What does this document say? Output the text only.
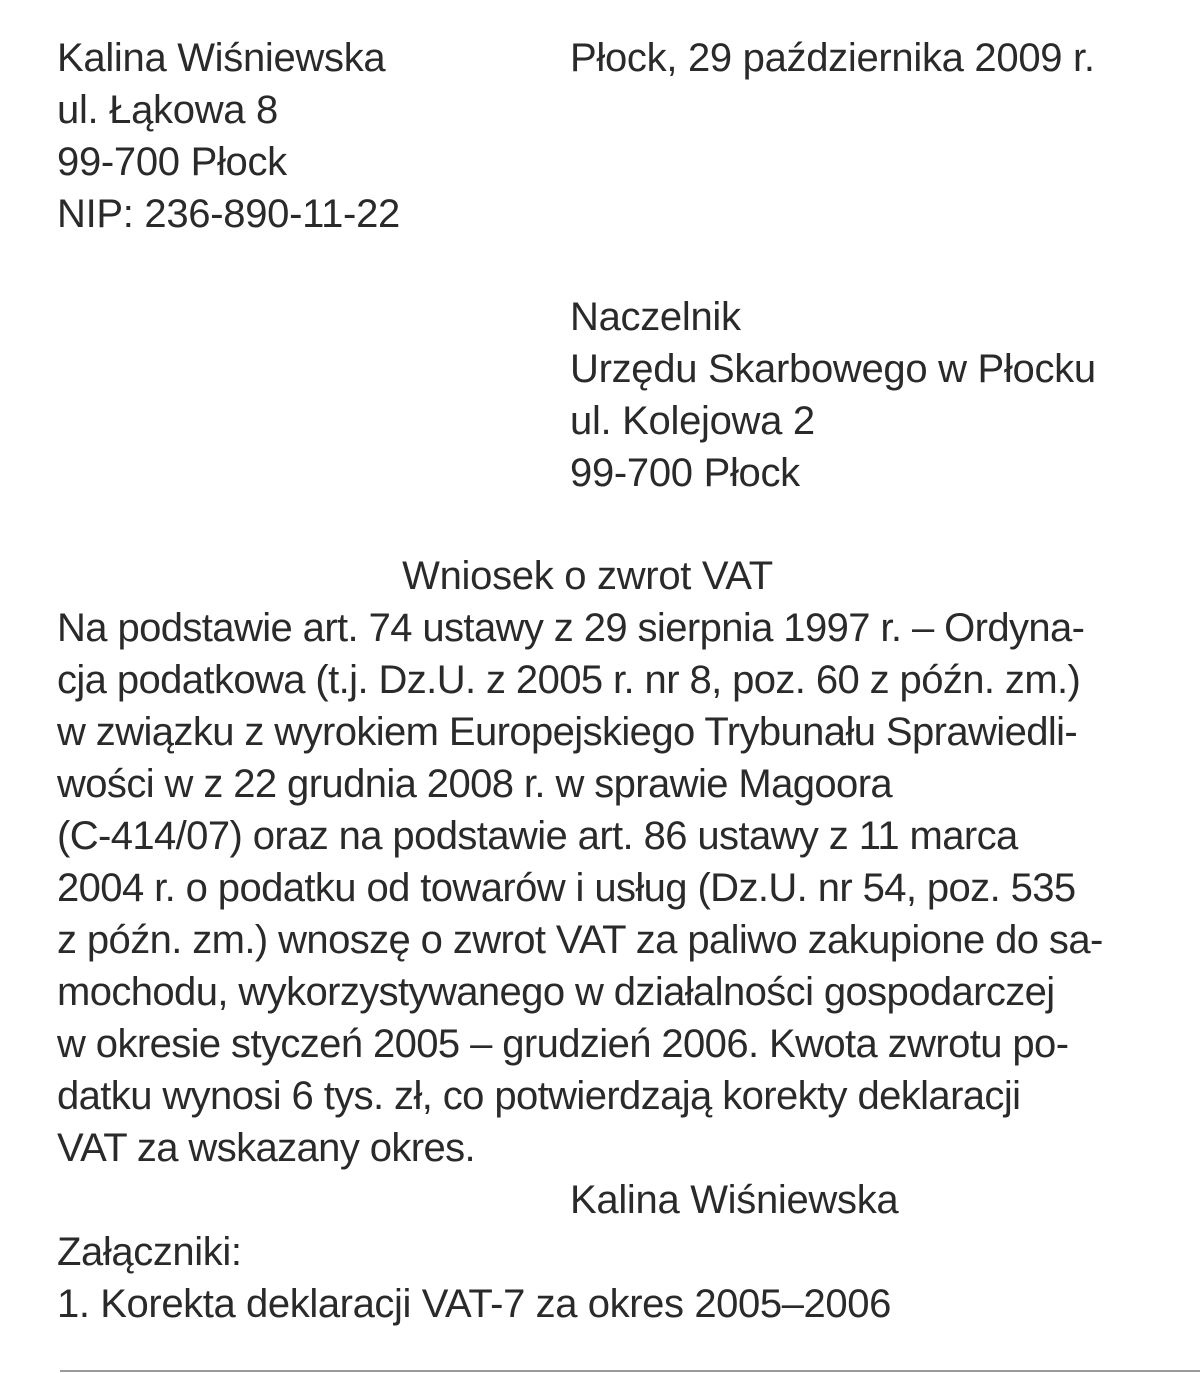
Kalina Wiśniewska
ul. Łąkowa 8
99-700 Płock
NIP: 236-890-11-22
Płock, 29 października 2009 r.
Naczelnik
Urzędu Skarbowego w Płocku
ul. Kolejowa 2
99-700 Płock
Wniosek o zwrot VAT
Na podstawie art. 74 ustawy z 29 sierpnia 1997 r. – Ordyna-
cja podatkowa (t.j. Dz.U. z 2005 r. nr 8, poz. 60 z późn. zm.)
w związku z wyrokiem Europejskiego Trybunału Sprawiedli-
wości w z 22 grudnia 2008 r. w sprawie Magoora
(C-414/07) oraz na podstawie art. 86 ustawy z 11 marca
2004 r. o podatku od towarów i usług (Dz.U. nr 54, poz. 535
z późn. zm.) wnoszę o zwrot VAT za paliwo zakupione do sa-
mochodu, wykorzystywanego w działalności gospodarczej
w okresie styczeń 2005 – grudzień 2006. Kwota zwrotu po-
datku wynosi 6 tys. zł, co potwierdzają korekty deklaracji
VAT za wskazany okres.
Kalina Wiśniewska
Załączniki:
1. Korekta deklaracji VAT-7 za okres 2005–2006
